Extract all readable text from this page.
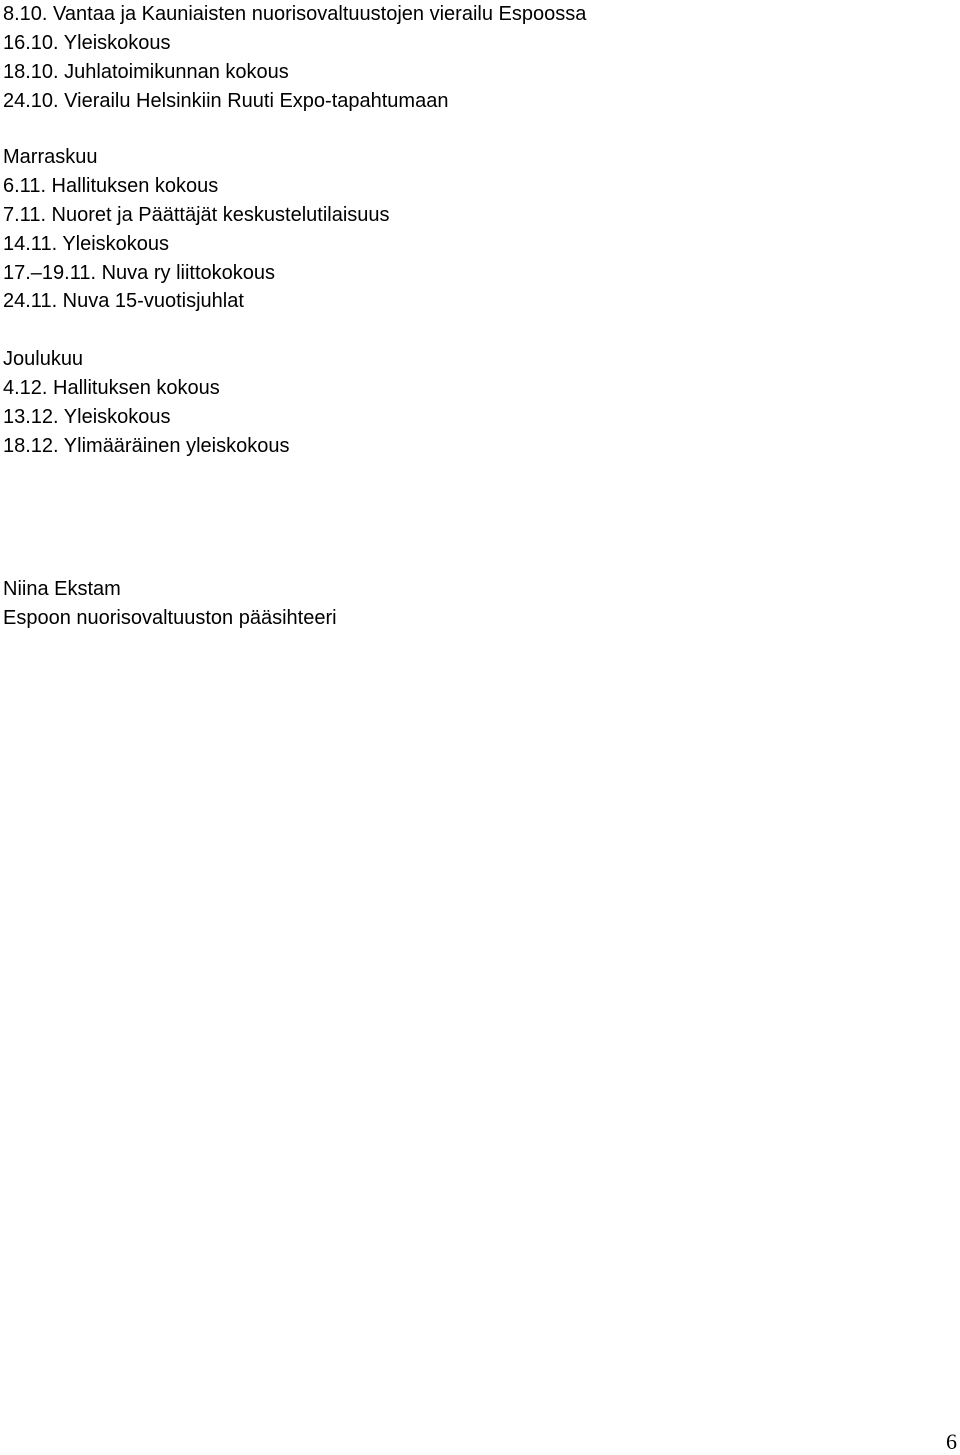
8.10. Vantaa ja Kauniaisten nuorisovaltuustojen vierailu Espoossa
16.10. Yleiskokous
18.10. Juhlatoimikunnan kokous
24.10. Vierailu Helsinkiin Ruuti Expo-tapahtumaan
Marraskuu
6.11. Hallituksen kokous
7.11. Nuoret ja Päättäjät keskustelutilaisuus
14.11. Yleiskokous
17.–19.11. Nuva ry liittokokous
24.11. Nuva 15-vuotisjuhlat
Joulukuu
4.12. Hallituksen kokous
13.12. Yleiskokous
18.12. Ylimääräinen yleiskokous
Niina Ekstam
Espoon nuorisovaltuuston pääsihteeri
6
